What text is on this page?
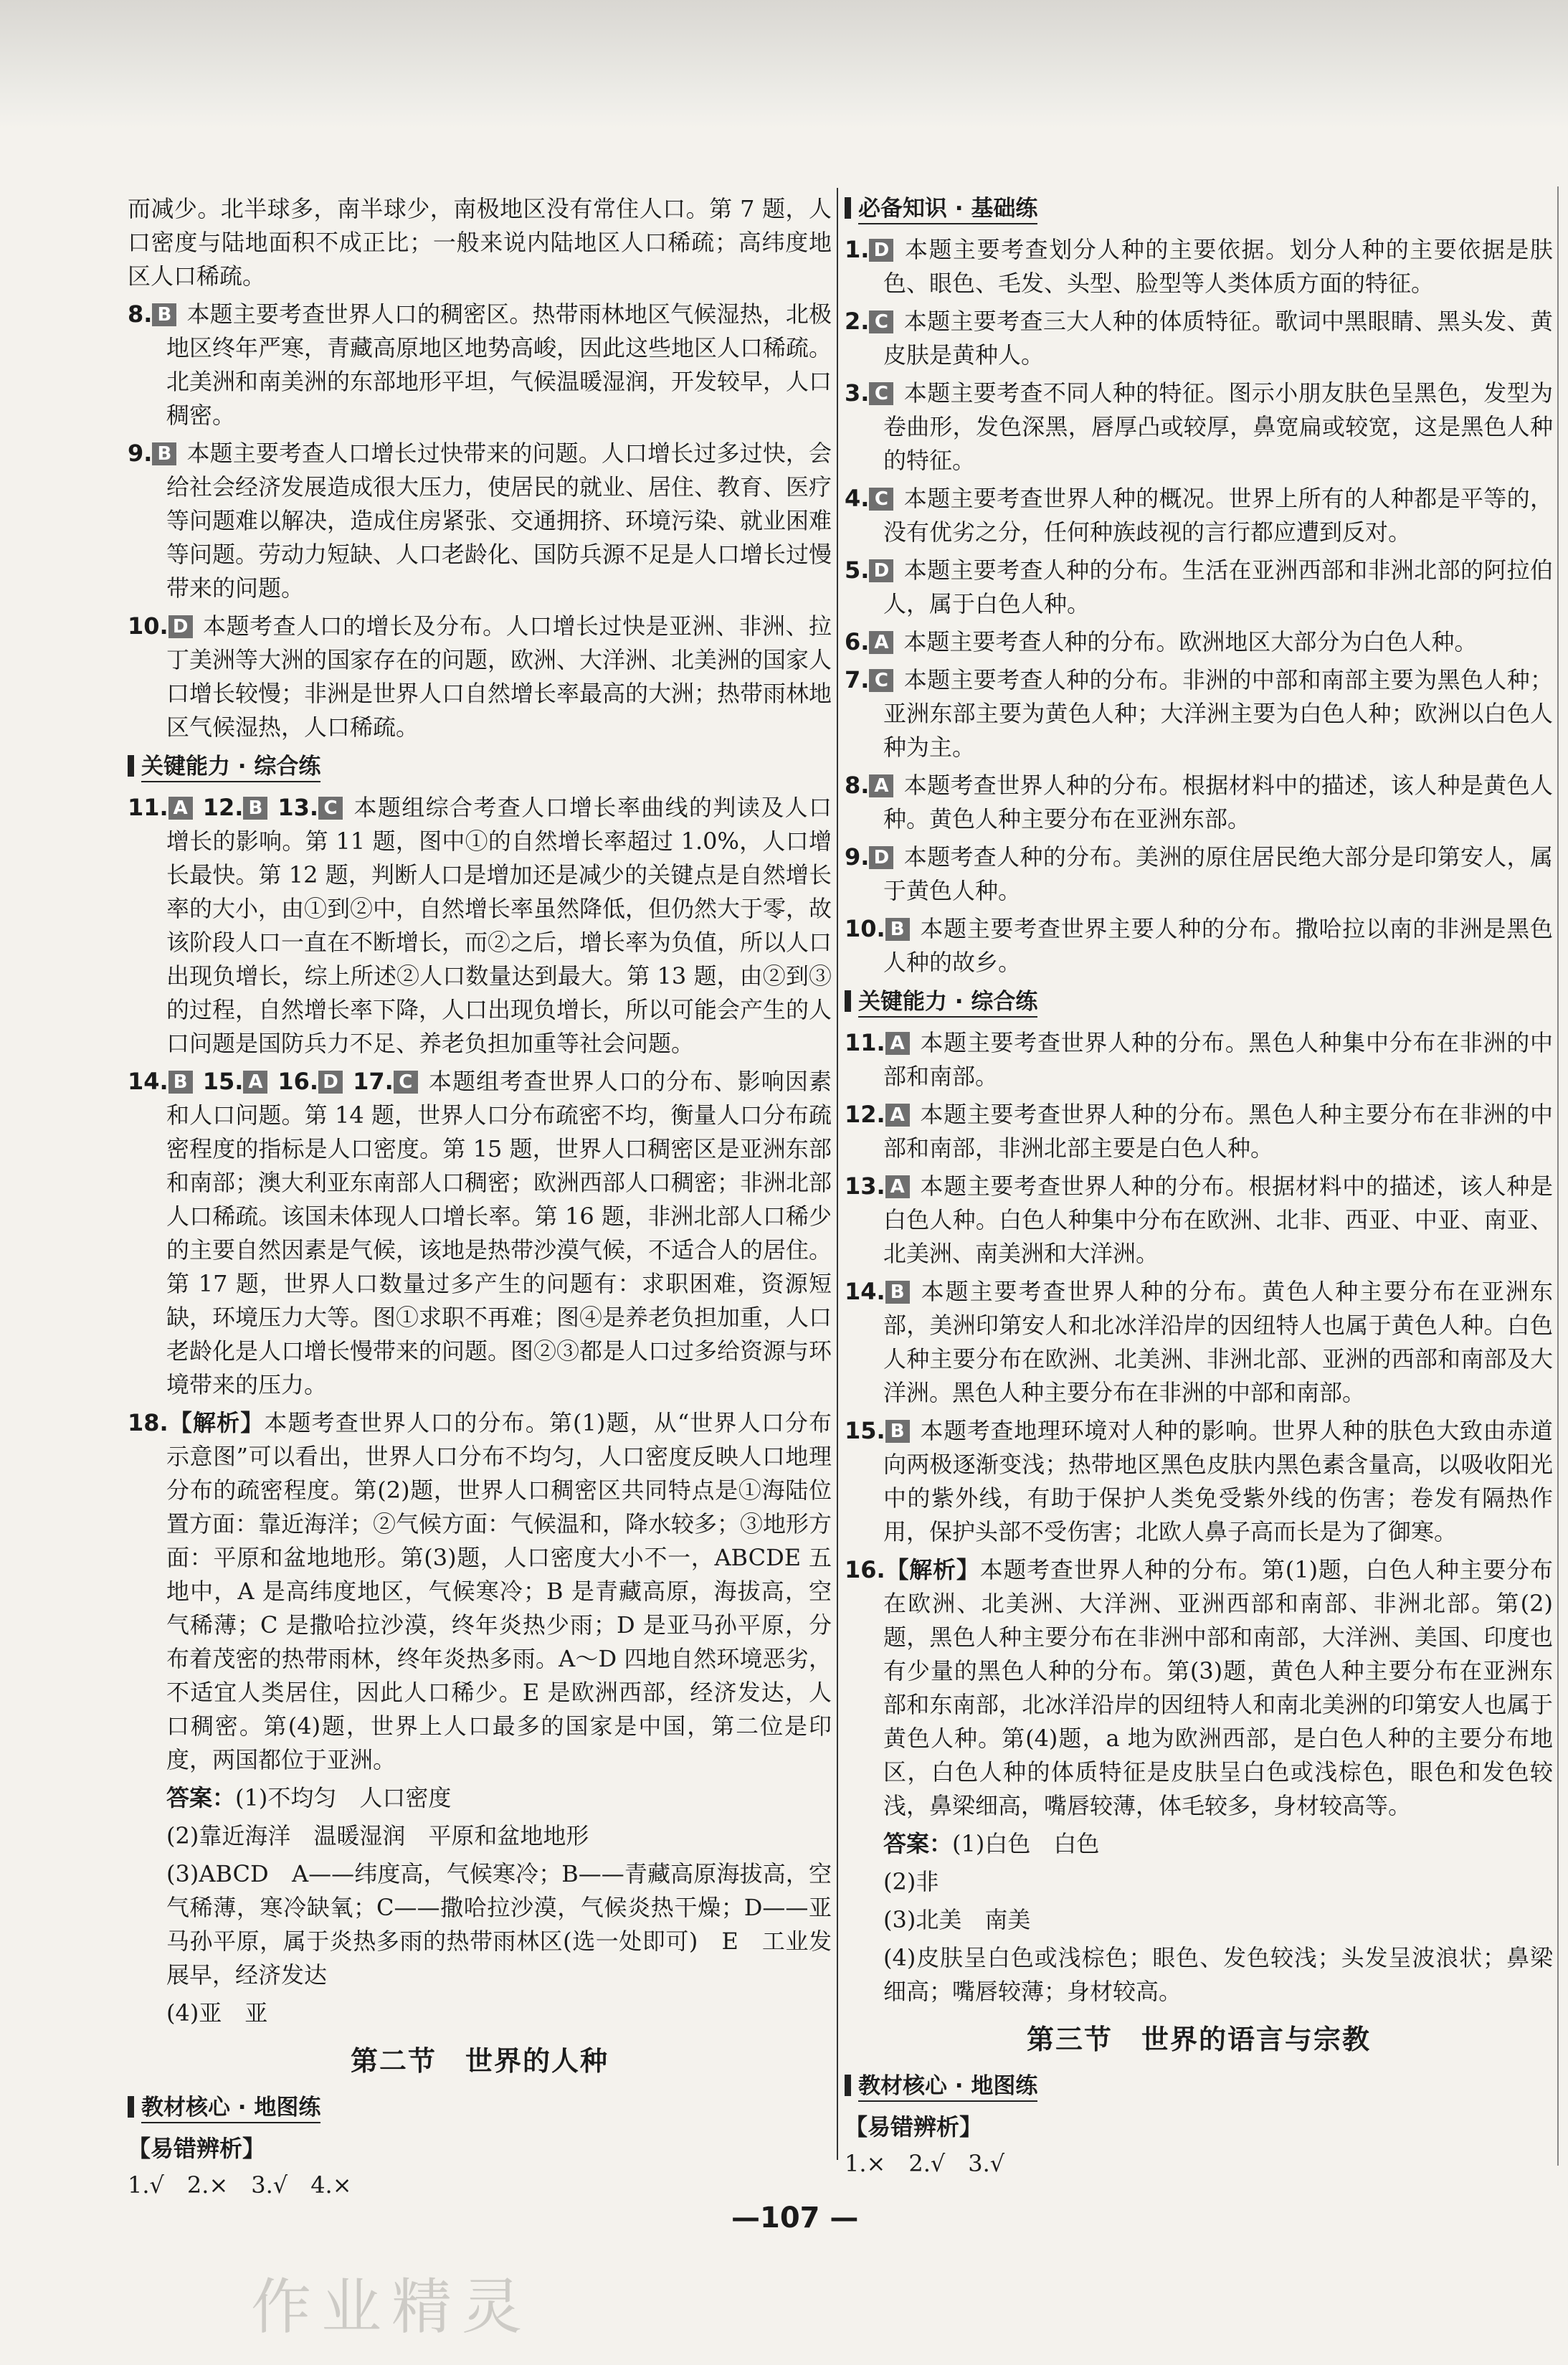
而减少。北半球多，南半球少，南极地区没有常住人口。第 7 题，人口密度与陆地面积不成正比；一般来说内陆地区人口稀疏；高纬度地区人口稀疏。

8. B 本题主要考查世界人口的稠密区。热带雨林地区气候湿热，北极地区终年严寒，青藏高原地区地势高峻，因此这些地区人口稀疏。北美洲和南美洲的东部地形平坦，气候温暖湿润，开发较早，人口稠密。

9. B 本题主要考查人口增长过快带来的问题。人口增长过多过快，会给社会经济发展造成很大压力，使居民的就业、居住、教育、医疗等问题难以解决，造成住房紧张、交通拥挤、环境污染、就业困难等问题。劳动力短缺、人口老龄化、国防兵源不足是人口增长过慢带来的问题。

10. D 本题考查人口的增长及分布。人口增长过快是亚洲、非洲、拉丁美洲等大洲的国家存在的问题，欧洲、大洋洲、北美洲的国家人口增长较慢；非洲是世界人口自然增长率最高的大洲；热带雨林地区气候湿热，人口稀疏。

关键能力 · 综合练

11. A 12. B 13. C 本题组综合考查人口增长率曲线的判读及人口增长的影响。第 11 题，图中①的自然增长率超过 1.0%，人口增长最快。第 12 题，判断人口是增加还是减少的关键点是自然增长率的大小，由①到②中，自然增长率虽然降低，但仍然大于零，故该阶段人口一直在不断增长，而②之后，增长率为负值，所以人口出现负增长，综上所述②人口数量达到最大。第 13 题，由②到③的过程，自然增长率下降，人口出现负增长，所以可能会产生的人口问题是国防兵力不足、养老负担加重等社会问题。

14. B 15. A 16. D 17. C 本题组考查世界人口的分布、影响因素和人口问题。第 14 题，世界人口分布疏密不均，衡量人口分布疏密程度的指标是人口密度。第 15 题，世界人口稠密区是亚洲东部和南部；澳大利亚东南部人口稠密；欧洲西部人口稠密；非洲北部人口稀疏。该国未体现人口增长率。第 16 题，非洲北部人口稀少的主要自然因素是气候，该地是热带沙漠气候，不适合人的居住。第 17 题，世界人口数量过多产生的问题有：求职困难，资源短缺，环境压力大等。图①求职不再难；图④是养老负担加重，人口老龄化是人口增长慢带来的问题。图②③都是人口过多给资源与环境带来的压力。

18.【解析】本题考查世界人口的分布。第(1)题，从“世界人口分布示意图”可以看出，世界人口分布不均匀，人口密度反映人口地理分布的疏密程度。第(2)题，世界人口稠密区共同特点是①海陆位置方面：靠近海洋；②气候方面：气候温和，降水较多；③地形方面：平原和盆地地形。第(3)题，人口密度大小不一，ABCDE 五地中，A 是高纬度地区，气候寒冷；B 是青藏高原，海拔高，空气稀薄；C 是撒哈拉沙漠，终年炎热少雨；D 是亚马孙平原，分布着茂密的热带雨林，终年炎热多雨。A～D 四地自然环境恶劣，不适宜人类居住，因此人口稀少。E 是欧洲西部，经济发达，人口稠密。第(4)题，世界上人口最多的国家是中国，第二位是印度，两国都位于亚洲。

答案：(1)不均匀　人口密度

(2)靠近海洋　温暖湿润　平原和盆地地形

(3)ABCD　A——纬度高，气候寒冷；B——青藏高原海拔高，空气稀薄，寒冷缺氧；C——撒哈拉沙漠，气候炎热干燥；D——亚马孙平原，属于炎热多雨的热带雨林区(选一处即可)　E　工业发展早，经济发达

(4)亚　亚

第二节　世界的人种
教材核心 · 地图练
【易错辨析】
1.√　2.×　3.√　4.×
必备知识 · 基础练

1. D 本题主要考查划分人种的主要依据。划分人种的主要依据是肤色、眼色、毛发、头型、脸型等人类体质方面的特征。

2. C 本题主要考查三大人种的体质特征。歌词中黑眼睛、黑头发、黄皮肤是黄种人。

3. C 本题主要考查不同人种的特征。图示小朋友肤色呈黑色，发型为卷曲形，发色深黑，唇厚凸或较厚，鼻宽扁或较宽，这是黑色人种的特征。

4. C 本题主要考查世界人种的概况。世界上所有的人种都是平等的，没有优劣之分，任何种族歧视的言行都应遭到反对。

5. D 本题主要考查人种的分布。生活在亚洲西部和非洲北部的阿拉伯人，属于白色人种。

6. A 本题主要考查人种的分布。欧洲地区大部分为白色人种。

7. C 本题主要考查人种的分布。非洲的中部和南部主要为黑色人种；亚洲东部主要为黄色人种；大洋洲主要为白色人种；欧洲以白色人种为主。

8. A 本题考查世界人种的分布。根据材料中的描述，该人种是黄色人种。黄色人种主要分布在亚洲东部。

9. D 本题考查人种的分布。美洲的原住居民绝大部分是印第安人，属于黄色人种。

10. B 本题主要考查世界主要人种的分布。撒哈拉以南的非洲是黑色人种的故乡。

关键能力 · 综合练

11. A 本题主要考查世界人种的分布。黑色人种集中分布在非洲的中部和南部。

12. A 本题主要考查世界人种的分布。黑色人种主要分布在非洲的中部和南部，非洲北部主要是白色人种。

13. A 本题主要考查世界人种的分布。根据材料中的描述，该人种是白色人种。白色人种集中分布在欧洲、北非、西亚、中亚、南亚、北美洲、南美洲和大洋洲。

14. B 本题主要考查世界人种的分布。黄色人种主要分布在亚洲东部，美洲印第安人和北冰洋沿岸的因纽特人也属于黄色人种。白色人种主要分布在欧洲、北美洲、非洲北部、亚洲的西部和南部及大洋洲。黑色人种主要分布在非洲的中部和南部。

15. B 本题考查地理环境对人种的影响。世界人种的肤色大致由赤道向两极逐渐变浅；热带地区黑色皮肤内黑色素含量高，以吸收阳光中的紫外线，有助于保护人类免受紫外线的伤害；卷发有隔热作用，保护头部不受伤害；北欧人鼻子高而长是为了御寒。

16.【解析】本题考查世界人种的分布。第(1)题，白色人种主要分布在欧洲、北美洲、大洋洲、亚洲西部和南部、非洲北部。第(2)题，黑色人种主要分布在非洲中部和南部，大洋洲、美国、印度也有少量的黑色人种的分布。第(3)题，黄色人种主要分布在亚洲东部和东南部，北冰洋沿岸的因纽特人和南北美洲的印第安人也属于黄色人种。第(4)题，a 地为欧洲西部，是白色人种的主要分布地区，白色人种的体质特征是皮肤呈白色或浅棕色，眼色和发色较浅，鼻梁细高，嘴唇较薄，体毛较多，身材较高等。

答案：(1)白色　白色

(2)非

(3)北美　南美

(4)皮肤呈白色或浅棕色；眼色、发色较浅；头发呈波浪状；鼻梁细高；嘴唇较薄；身材较高。

第三节　世界的语言与宗教
教材核心 · 地图练
【易错辨析】
1.×　2.√　3.√
—107 —
作业精灵
